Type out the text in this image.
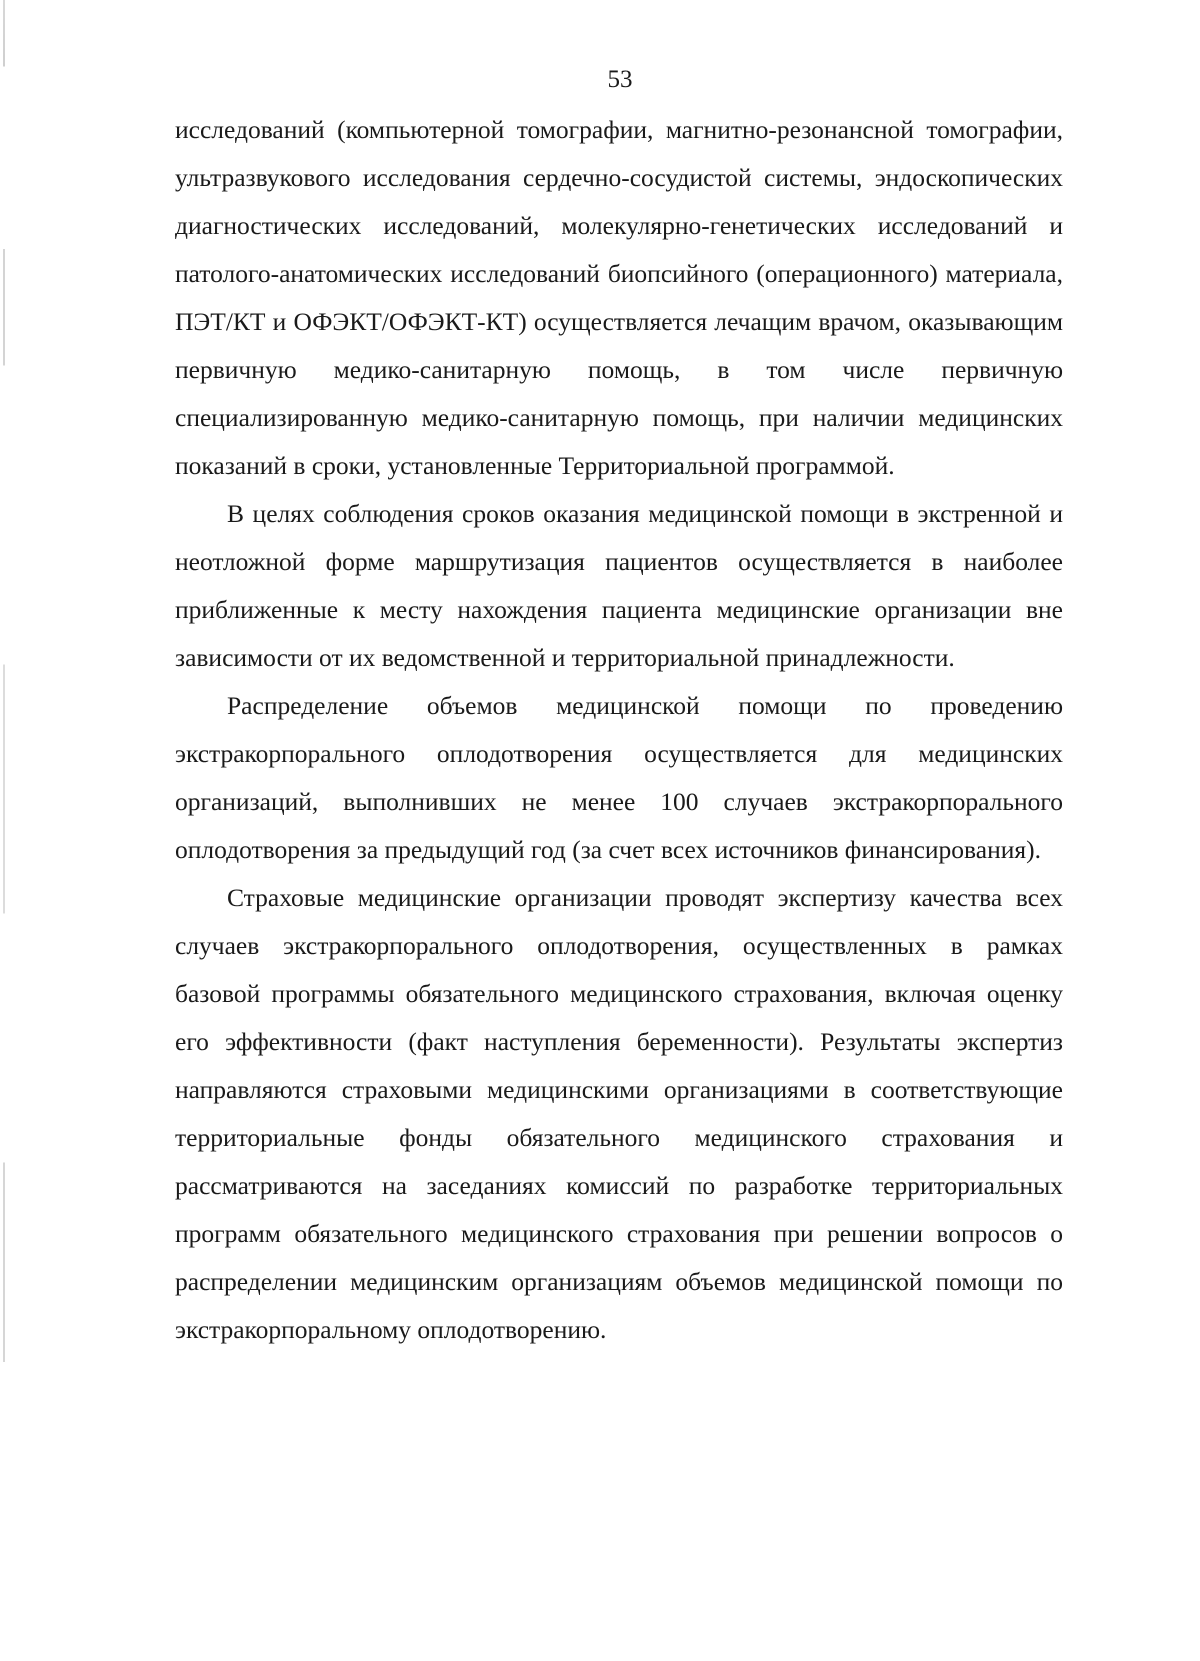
53

исследований (компьютерной томографии, магнитно-резонансной томографии, ультразвукового исследования сердечно-сосудистой системы, эндоскопических диагностических исследований, молекулярно-генетических исследований и патолого-анатомических исследований биопсийного (операционного) материала, ПЭТ/КТ и ОФЭКТ/ОФЭКТ-КТ) осуществляется лечащим врачом, оказывающим первичную медико-санитарную помощь, в том числе первичную специализированную медико-санитарную помощь, при наличии медицинских показаний в сроки, установленные Территориальной программой.

В целях соблюдения сроков оказания медицинской помощи в экстренной и неотложной форме маршрутизация пациентов осуществляется в наиболее приближенные к месту нахождения пациента медицинские организации вне зависимости от их ведомственной и территориальной принадлежности.

Распределение объемов медицинской помощи по проведению экстракорпорального оплодотворения осуществляется для медицинских организаций, выполнивших не менее 100 случаев экстракорпорального оплодотворения за предыдущий год (за счет всех источников финансирования).

Страховые медицинские организации проводят экспертизу качества всех случаев экстракорпорального оплодотворения, осуществленных в рамках базовой программы обязательного медицинского страхования, включая оценку его эффективности (факт наступления беременности). Результаты экспертиз направляются страховыми медицинскими организациями в соответствующие территориальные фонды обязательного медицинского страхования и рассматриваются на заседаниях комиссий по разработке территориальных программ обязательного медицинского страхования при решении вопросов о распределении медицинским организациям объемов медицинской помощи по экстракорпоральному оплодотворению.
